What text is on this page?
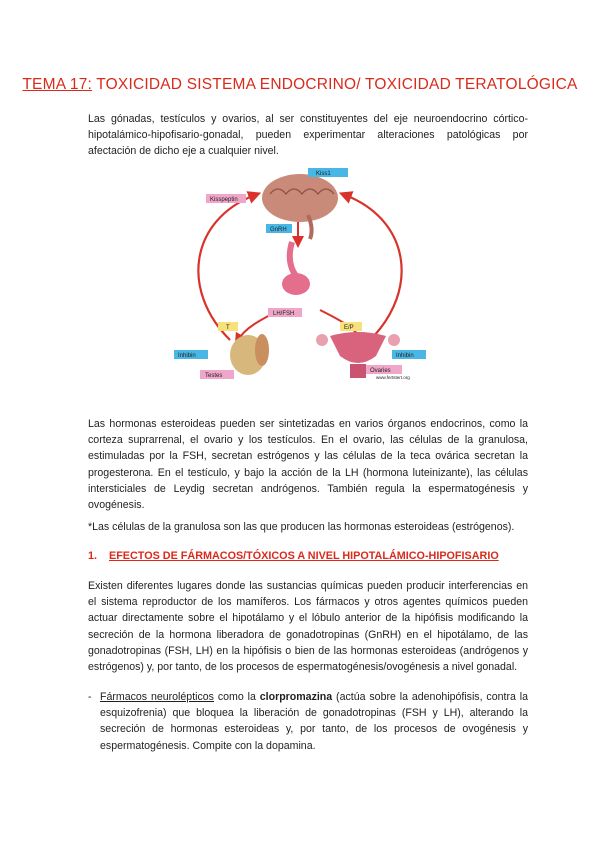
TEMA 17: TOXICIDAD SISTEMA ENDOCRINO/ TOXICIDAD TERATOLÓGICA
Las gónadas, testículos y ovarios, al ser constituyentes del eje neuroendocrino córtico-hipotalámico-hipofisario-gonadal, pueden experimentar alteraciones patológicas por afectación de dicho eje a cualquier nivel.
Kiss1
Kisspeptin
GnRH
LH/FSH
T	E/P
Inhibin	Inhibin
Testes
Ovaries
www.fertstert.org
Las hormonas esteroideas pueden ser sintetizadas en varios órganos endocrinos, como la corteza suprarrenal, el ovario y los testículos. En el ovario, las células de la granulosa, estimuladas por la FSH, secretan estrógenos y las células de la teca ovárica secretan la progesterona. En el testículo, y bajo la acción de la LH (hormona luteinizante), las células intersticiales de Leydig secretan andrógenos. También regula la espermatogénesis y ovogénesis.
*Las células de la granulosa son las que producen las hormonas esteroideas (estrógenos).
1. EFECTOS DE FÁRMACOS/TÓXICOS A NIVEL HIPOTALÁMICO-HIPOFISARIO
Existen diferentes lugares donde las sustancias químicas pueden producir interferencias en el sistema reproductor de los mamíferos. Los fármacos y otros agentes químicos pueden actuar directamente sobre el hipotálamo y el lóbulo anterior de la hipófisis modificando la secreción de la hormona liberadora de gonadotropinas (GnRH) en el hipotálamo, de las gonadotropinas (FSH, LH) en la hipófisis o bien de las hormonas esteroideas (andrógenos y estrógenos) y, por tanto, de los procesos de espermatogénesis/ovogénesis a nivel gonadal.
- Fármacos neurolépticos como la clorpromazina (actúa sobre la adenohipófisis, contra la esquizofrenia) que bloquea la liberación de gonadotropinas (FSH y LH), alterando la secreción de hormonas esteroideas y, por tanto, de los procesos de ovogénesis y espermatogénesis. Compite con la dopamina.
